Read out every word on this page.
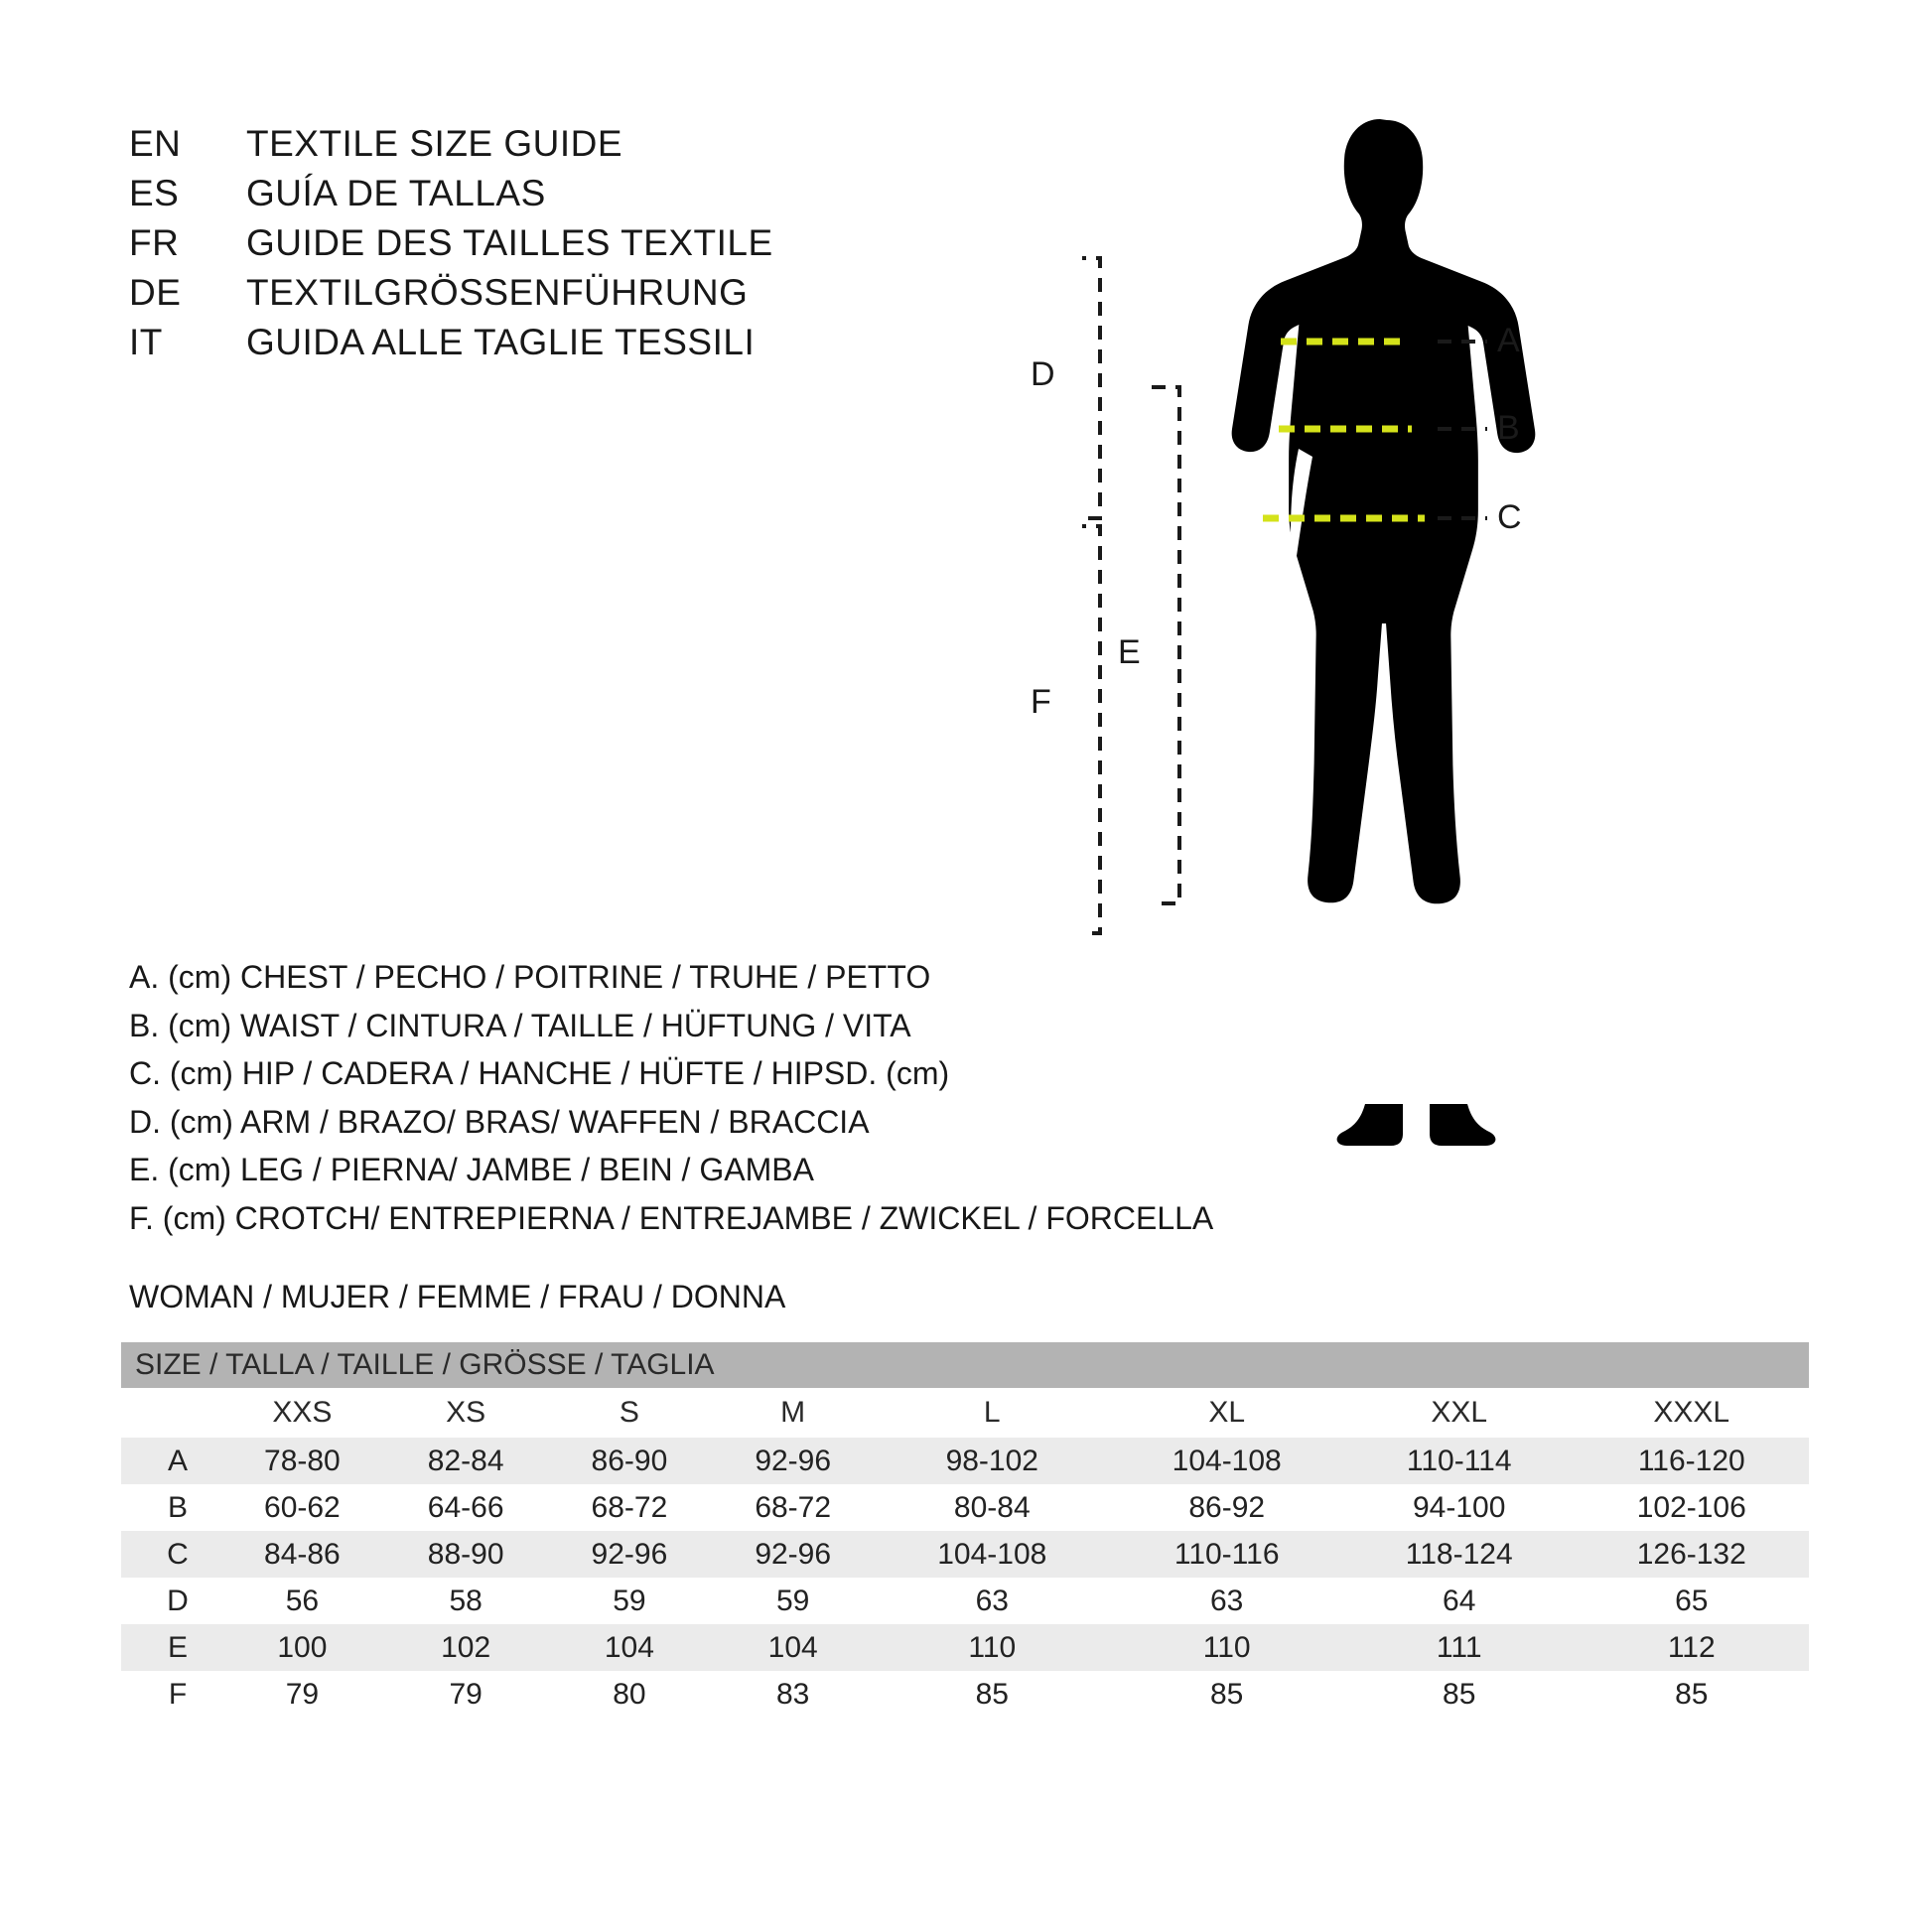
EN	TEXTILE SIZE GUIDE
ES	GUÍA DE TALLAS
FR	GUIDE DES TAILLES TEXTILE
DE	TEXTILGRÖSSENFÜHRUNG
IT	GUIDA ALLE TAGLIE TESSILI	A
B
C
D
E
F
A. (cm) CHEST / PECHO / POITRINE / TRUHE / PETTO
B. (cm) WAIST / CINTURA / TAILLE / HÜFTUNG / VITA
C. (cm) HIP / CADERA / HANCHE / HÜFTE / HIPSD. (cm)
D. (cm) ARM / BRAZO/ BRAS/ WAFFEN / BRACCIA
E. (cm) LEG / PIERNA/ JAMBE / BEIN / GAMBA
F. (cm) CROTCH/ ENTREPIERNA / ENTREJAMBE / ZWICKEL / FORCELLA
WOMAN / MUJER / FEMME / FRAU / DONNA
SIZE / TALLA / TAILLE / GRÖSSE / TAGLIA								
	XXS	XS	S	M	L	XL	XXL	XXXL
A	78-80	82-84	86-90	92-96	98-102	104-108	110-114	116-120
B	60-62	64-66	68-72	68-72	80-84	86-92	94-100	102-106
C	84-86	88-90	92-96	92-96	104-108	110-116	118-124	126-132
D	56	58	59	59	63	63	64	65
E	100	102	104	104	110	110	111	112
F	79	79	80	83	85	85	85	85
